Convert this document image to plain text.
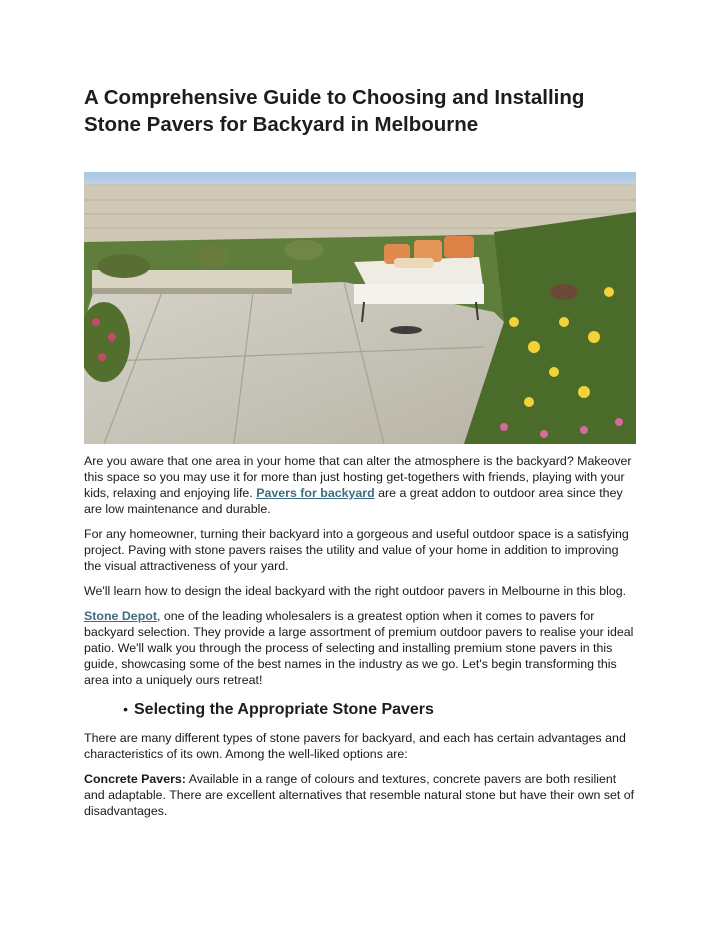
A Comprehensive Guide to Choosing and Installing Stone Pavers for Backyard in Melbourne

Are you aware that one area in your home that can alter the atmosphere is the backyard? Makeover this space so you may use it for more than just hosting get-togethers with friends, playing with your kids, relaxing and enjoying life. Pavers for backyard are a great addon to outdoor area since they are low maintenance and durable.

For any homeowner, turning their backyard into a gorgeous and useful outdoor space is a satisfying project. Paving with stone pavers raises the utility and value of your home in addition to improving the visual attractiveness of your yard.

We'll learn how to design the ideal backyard with the right outdoor pavers in Melbourne in this blog.

Stone Depot, one of the leading wholesalers is a greatest option when it comes to pavers for backyard selection. They provide a large assortment of premium outdoor pavers to realise your ideal patio. We'll walk you through the process of selecting and installing premium stone pavers in this guide, showcasing some of the best names in the industry as we go. Let's begin transforming this area into a uniquely ours retreat!

• Selecting the Appropriate Stone Pavers

There are many different types of stone pavers for backyard, and each has certain advantages and characteristics of its own. Among the well-liked options are:

Concrete Pavers: Available in a range of colours and textures, concrete pavers are both resilient and adaptable. There are excellent alternatives that resemble natural stone but have their own set of disadvantages.
